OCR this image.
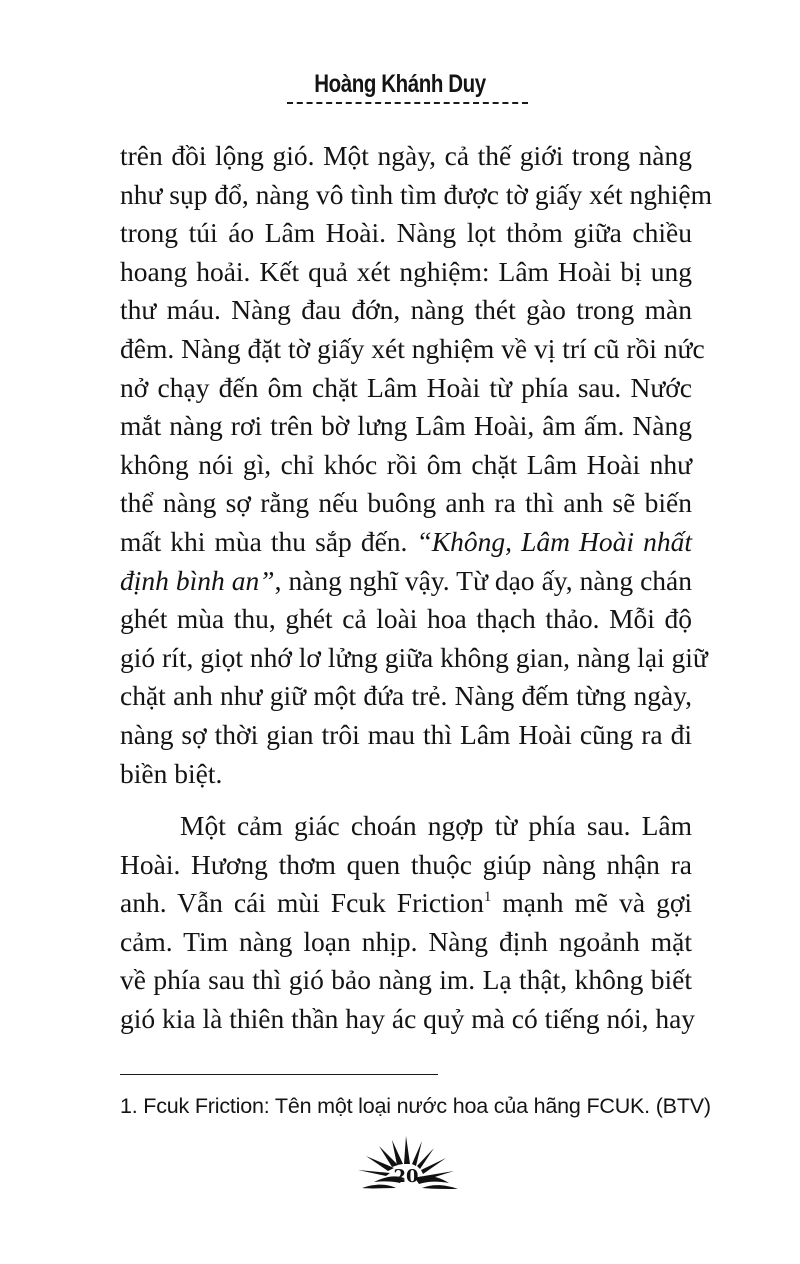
Hoàng Khánh Duy

trên đồi lộng gió. Một ngày, cả thế giới trong nàng
như sụp đổ, nàng vô tình tìm được tờ giấy xét nghiệm
trong túi áo Lâm Hoài. Nàng lọt thỏm giữa chiều
hoang hoải. Kết quả xét nghiệm: Lâm Hoài bị ung
thư máu. Nàng đau đớn, nàng thét gào trong màn
đêm. Nàng đặt tờ giấy xét nghiệm về vị trí cũ rồi nức
nở chạy đến ôm chặt Lâm Hoài từ phía sau. Nước
mắt nàng rơi trên bờ lưng Lâm Hoài, âm ấm. Nàng
không nói gì, chỉ khóc rồi ôm chặt Lâm Hoài như
thể nàng sợ rằng nếu buông anh ra thì anh sẽ biến
mất khi mùa thu sắp đến. “Không, Lâm Hoài nhất
định bình an”, nàng nghĩ vậy. Từ dạo ấy, nàng chán
ghét mùa thu, ghét cả loài hoa thạch thảo. Mỗi độ
gió rít, giọt nhớ lơ lửng giữa không gian, nàng lại giữ
chặt anh như giữ một đứa trẻ. Nàng đếm từng ngày,
nàng sợ thời gian trôi mau thì Lâm Hoài cũng ra đi
biền biệt.

Một cảm giác choán ngợp từ phía sau. Lâm
Hoài. Hương thơm quen thuộc giúp nàng nhận ra
anh. Vẫn cái mùi Fcuk Friction$^1$ mạnh mẽ và gợi
cảm. Tim nàng loạn nhịp. Nàng định ngoảnh mặt
về phía sau thì gió bảo nàng im. Lạ thật, không biết
gió kia là thiên thần hay ác quỷ mà có tiếng nói, hay

1. Fcuk Friction: Tên một loại nước hoa của hãng FCUK. (BTV)
20
